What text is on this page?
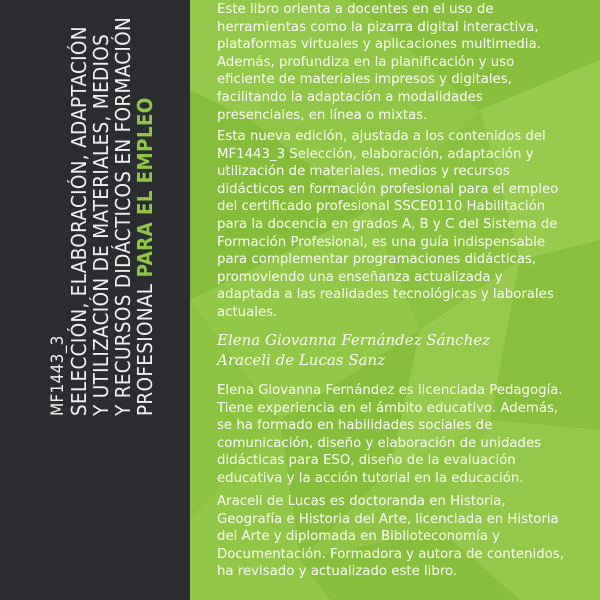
MF1443_3 SELECCIÓN, ELABORACIÓN, ADAPTACIÓN
Y UTILIZACIÓN DE MATERIALES, MEDIOS
Y RECURSOS DIDÁCTICOS EN FORMACIÓN
PROFESIONAL PARA EL EMPLEO

Este libro orienta a docentes en el uso de herramientas como la pizarra digital interactiva, plataformas virtuales y aplicaciones multimedia. Además, profundiza en la planificación y uso eficiente de materiales impresos y digitales, facilitando la adaptación a modalidades presenciales, en línea o mixtas.

Esta nueva edición, ajustada a los contenidos del MF1443_3 Selección, elaboración, adaptación y utilización de materiales, medios y recursos didácticos en formación profesional para el empleo del certificado profesional SSCE0110 Habilitación para la docencia en grados A, B y C del Sistema de Formación Profesional, es una guía indispensable para complementar programaciones didácticas, promoviendo una enseñanza actualizada y adaptada a las realidades tecnológicas y laborales actuales.

Elena Giovanna Fernández Sánchez
Araceli de Lucas Sanz

Elena Giovanna Fernández es licenciada Pedagogía. Tiene experiencia en el ámbito educativo. Además, se ha formado en habilidades sociales de comunicación, diseño y elaboración de unidades didácticas para ESO, diseño de la evaluación educativa y la acción tutorial en la educación.

Araceli de Lucas es doctoranda en Historia, Geografía e Historia del Arte, licenciada en Historia del Arte y diplomada en Biblioteconomía y Documentación. Formadora y autora de contenidos, ha revisado y actualizado este libro.
